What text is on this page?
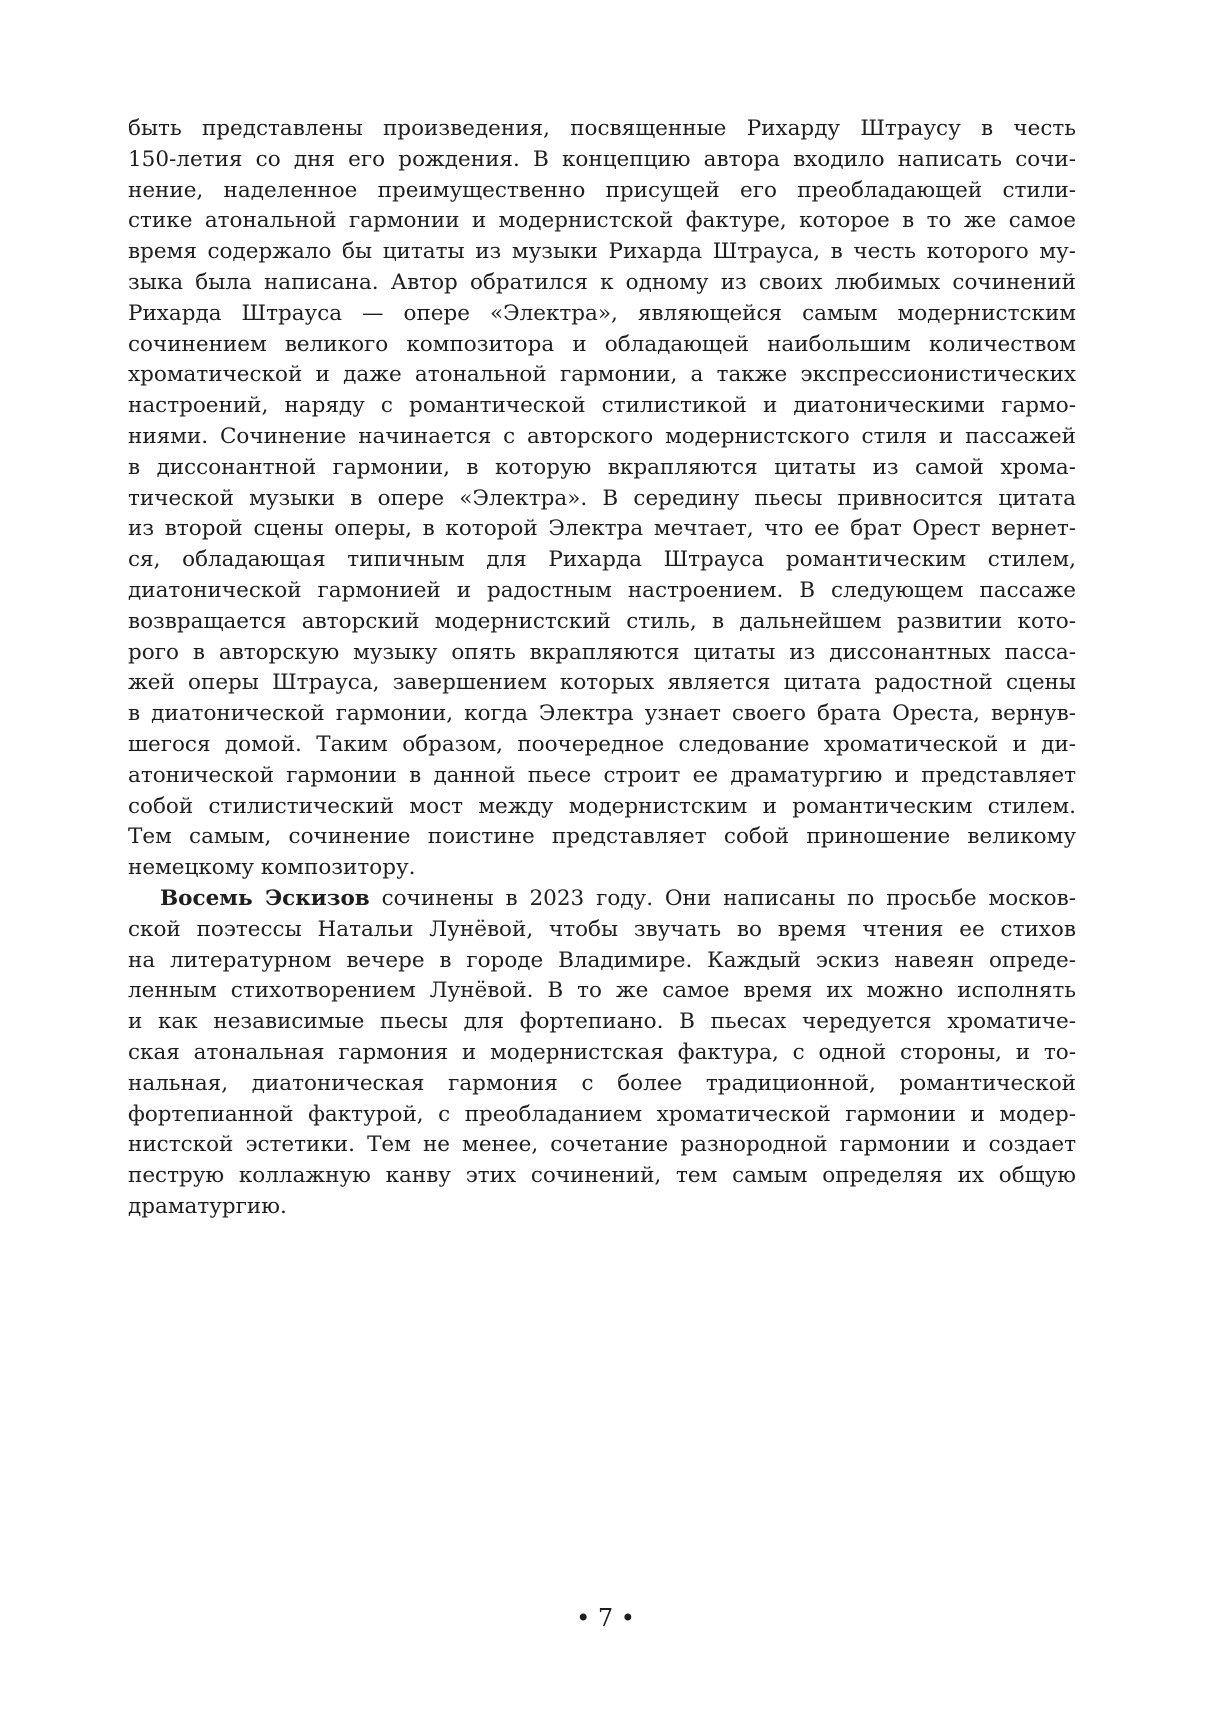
быть представлены произведения, посвященные Рихарду Штраусу в честь
150-летия со дня его рождения. В концепцию автора входило написать сочи-
нение, наделенное преимущественно присущей его преобладающей стили-
стике атональной гармонии и модернистской фактуре, которое в то же самое
время содержало бы цитаты из музыки Рихарда Штрауса, в честь которого му-
зыка была написана. Автор обратился к одному из своих любимых сочинений
Рихарда Штрауса — опере «Электра», являющейся самым модернистским
сочинением великого композитора и обладающей наибольшим количеством
хроматической и даже атональной гармонии, а также экспрессионистических
настроений, наряду с романтической стилистикой и диатоническими гармо-
ниями. Сочинение начинается с авторского модернистского стиля и пассажей
в диссонантной гармонии, в которую вкрапляются цитаты из самой хрома-
тической музыки в опере «Электра». В середину пьесы привносится цитата
из второй сцены оперы, в которой Электра мечтает, что ее брат Орест вернет-
ся, обладающая типичным для Рихарда Штрауса романтическим стилем,
диатонической гармонией и радостным настроением. В следующем пассаже
возвращается авторский модернистский стиль, в дальнейшем развитии кото-
рого в авторскую музыку опять вкрапляются цитаты из диссонантных пасса-
жей оперы Штрауса, завершением которых является цитата радостной сцены
в диатонической гармонии, когда Электра узнает своего брата Ореста, вернув-
шегося домой. Таким образом, поочередное следование хроматической и ди-
атонической гармонии в данной пьесе строит ее драматургию и представляет
собой стилистический мост между модернистским и романтическим стилем.
Тем самым, сочинение поистине представляет собой приношение великому
немецкому композитору.
Восемь Эскизов сочинены в 2023 году. Они написаны по просьбе москов-
ской поэтессы Натальи Лунёвой, чтобы звучать во время чтения ее стихов
на литературном вечере в городе Владимире. Каждый эскиз навеян опреде-
ленным стихотворением Лунёвой. В то же самое время их можно исполнять
и как независимые пьесы для фортепиано. В пьесах чередуется хроматиче-
ская атональная гармония и модернистская фактура, с одной стороны, и то-
нальная, диатоническая гармония с более традиционной, романтической
фортепианной фактурой, с преобладанием хроматической гармонии и модер-
нистской эстетики. Тем не менее, сочетание разнородной гармонии и создает
пеструю коллажную канву этих сочинений, тем самым определяя их общую
драматургию.
• 7 •
